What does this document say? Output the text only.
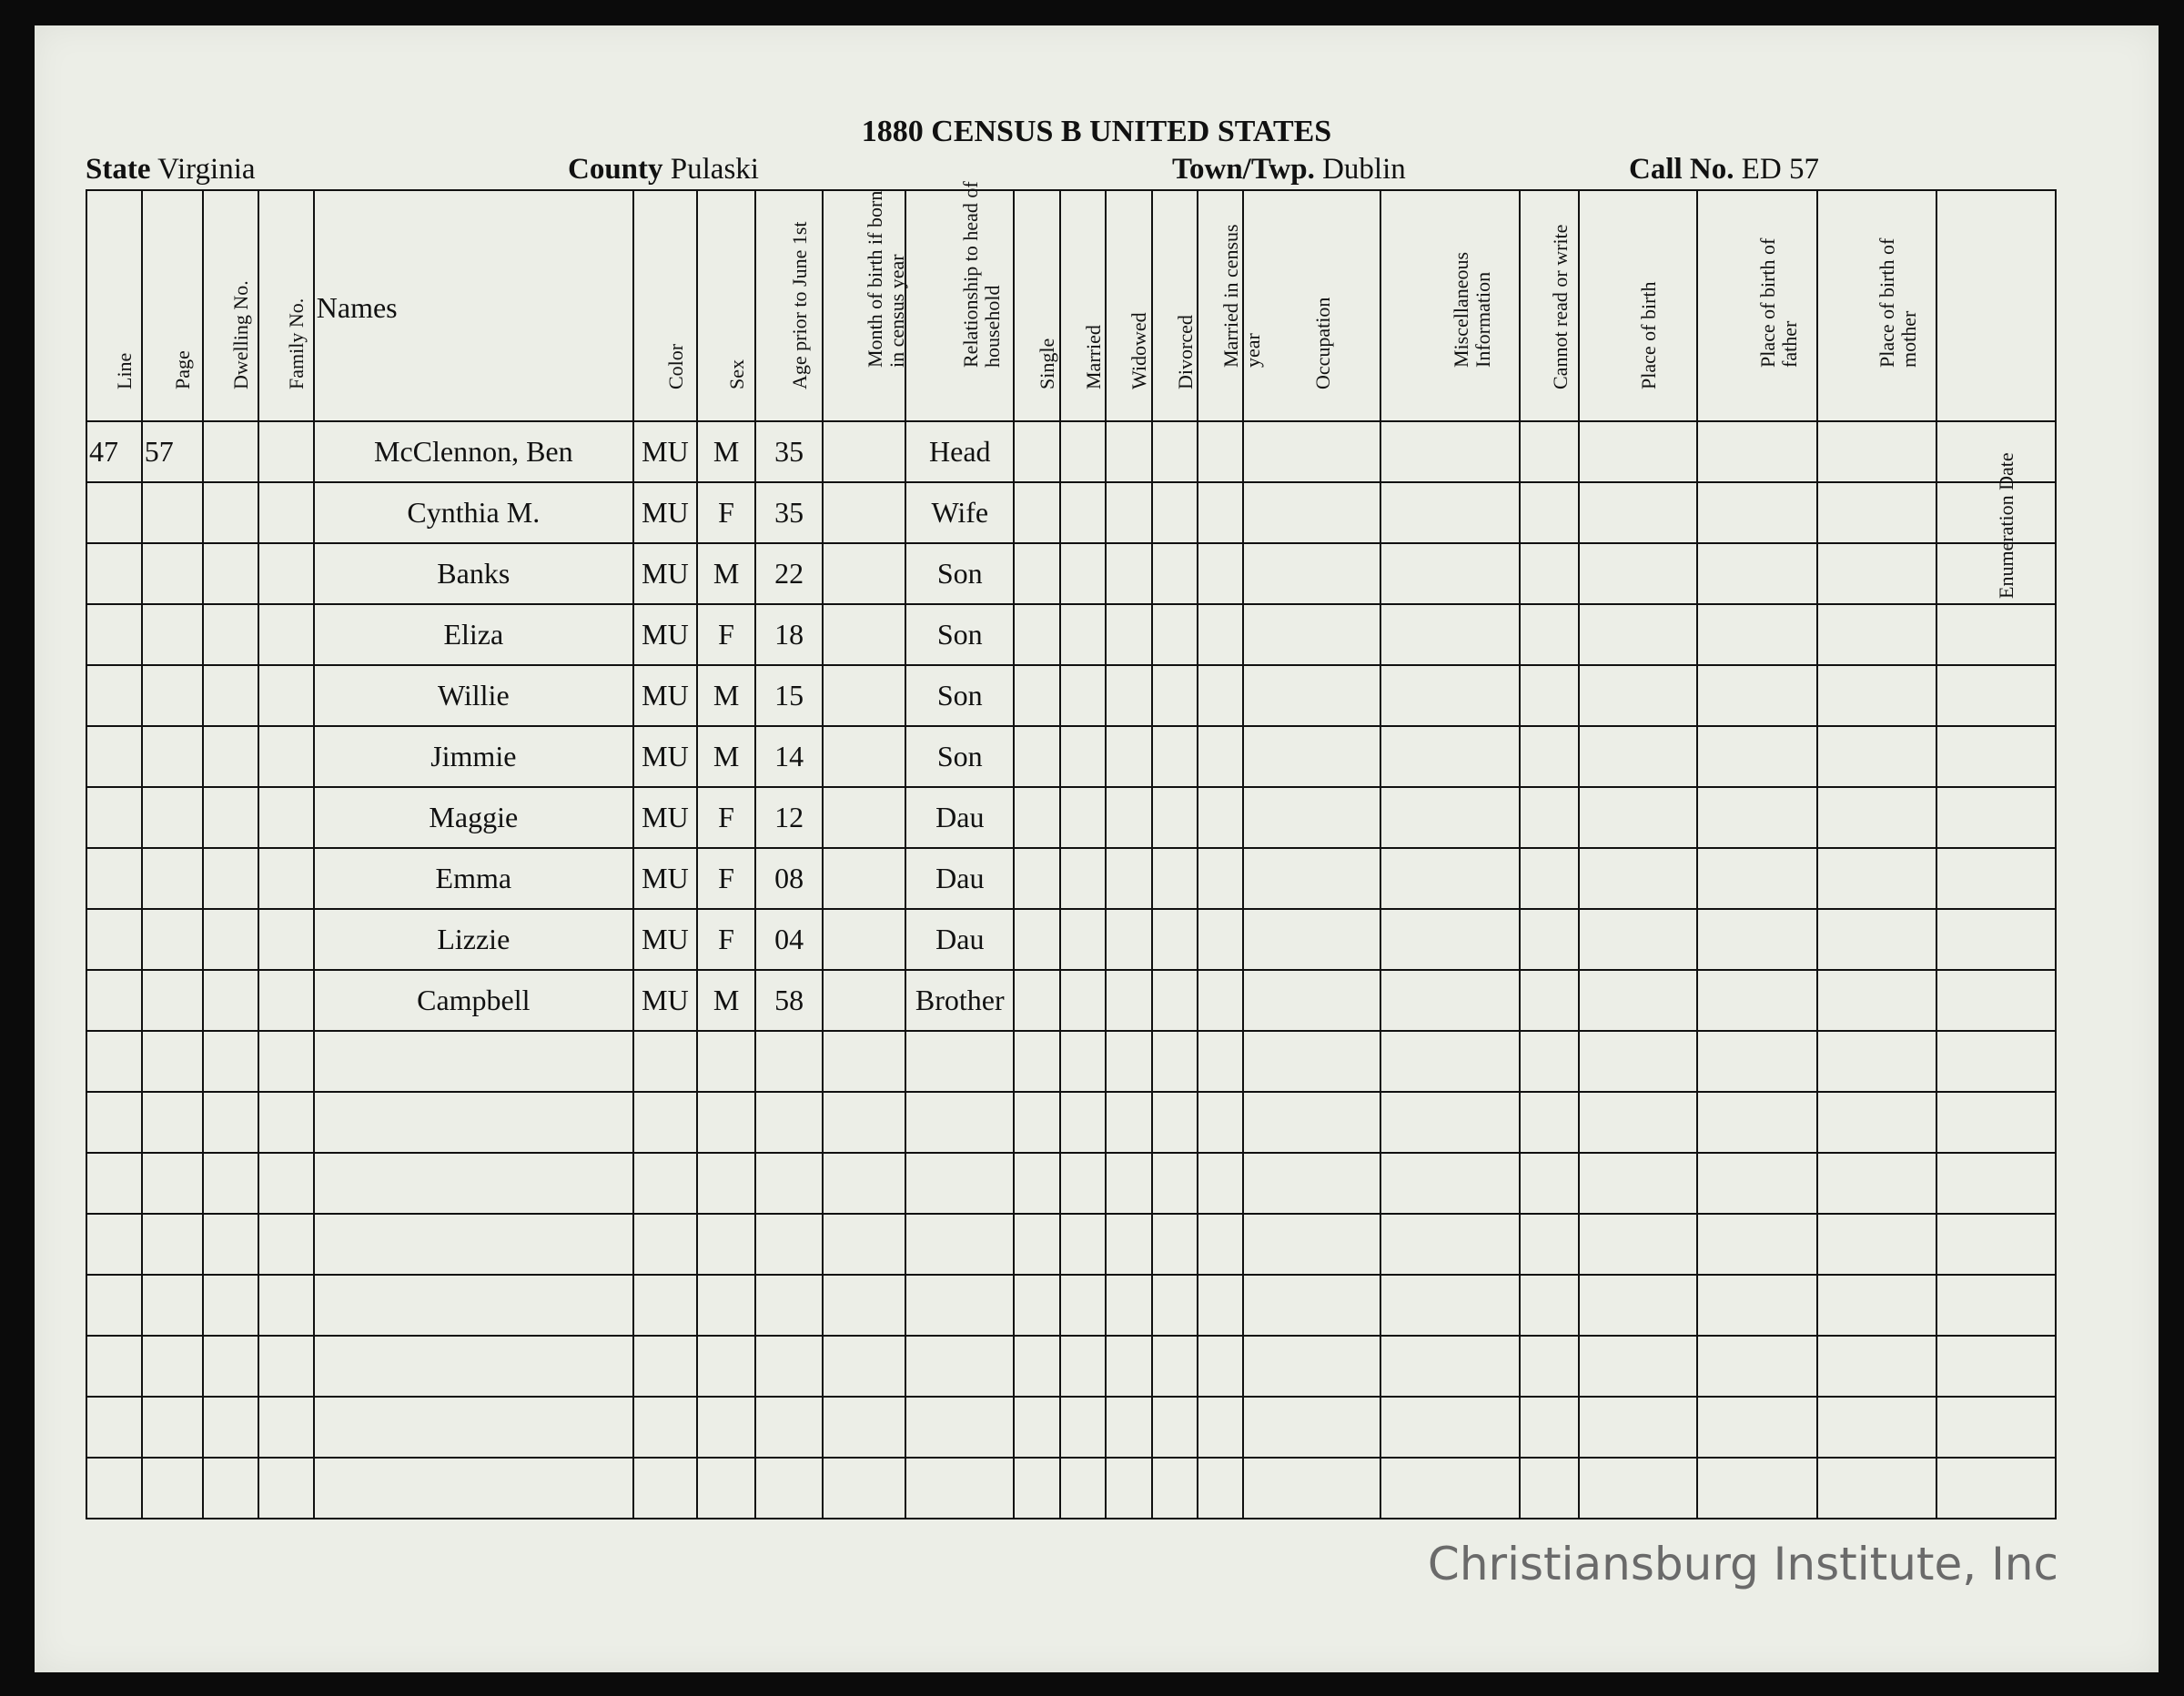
1880 CENSUS B UNITED STATES
State Virginia	County Pulaski	Town/Twp. Dublin	Call No. ED 57
Line	Page	Dwelling No.	Family No.	Names	Color	Sex	Age prior to June 1st	Month of birth if born in census year	Relationship to head of household	Single	Married	Widowed	Divorced	Married in census year	Occupation	Miscellaneous Information	Cannot read or write	Place of birth	Place of birth of father	Place of birth of mother	Enumeration Date

47	57			McClennon, Ben	MU	M	35		Head												
				Cynthia M.	MU	F	35		Wife												
				Banks	MU	M	22		Son												
				Eliza	MU	F	18		Son												
				Willie	MU	M	15		Son												
				Jimmie	MU	M	14		Son												
				Maggie	MU	F	12		Dau												
				Emma	MU	F	08		Dau												
				Lizzie	MU	F	04		Dau												
				Campbell	MU	M	58		Brother												

Christiansburg Institute, Inc
